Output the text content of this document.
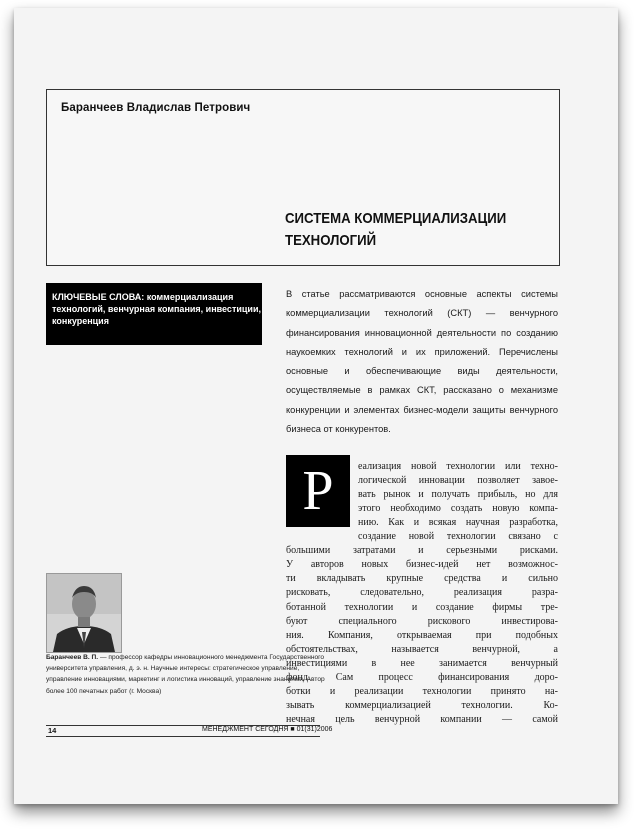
Баранчеев Владислав Петрович
СИСТЕМА КОММЕРЦИАЛИЗАЦИИ
ТЕХНОЛОГИЙ
КЛЮЧЕВЫЕ СЛОВА: коммерциализация технологий, венчурная компания, инвестиции, конкуренция
В статье рассматриваются основные аспекты системы коммерциализации технологий (СКТ) — венчурного финансирования инновационной деятельности по созданию наукоемких технологий и их приложений. Перечислены основные и обеспечивающие виды деятельности, осуществляемые в рамках СКТ, рассказано о механизме конкуренции и элементах бизнес-модели защиты венчурного бизнеса от конкурентов.
Р	еализация новой технологии или техно-
логической инновации позволяет завое-
вать рынок и получать прибыль, но для
этого необходимо создать новую компа-
нию. Как и всякая научная разработка,
создание новой технологии связано с
большими затратами и серьезными рисками.
У авторов новых бизнес-идей нет возможнос-
ти вкладывать крупные средства и сильно
рисковать, следовательно, реализация разра-
ботанной технологии и создание фирмы тре-
буют специального рискового инвестирова-
ния. Компания, открываемая при подобных
обстоятельствах, называется венчурной, а
инвестициями в нее занимается венчурный
фонд. Сам процесс финансирования доро-
ботки и реализации технологии принято на-
зывать коммерциализацией технологии. Ко-
нечная цель венчурной компании — самой
Баранчеев В. П. — профессор кафедры инновационного менеджмента Государственного университета управления, д. э. н. Научные интересы: стратегическое управление, управление инновациями, маркетинг и логистика инноваций, управление знаниями. Автор более 100 печатных работ (г. Москва)
14	МЕНЕДЖМЕНТ СЕГОДНЯ ■ 01(31)2006
